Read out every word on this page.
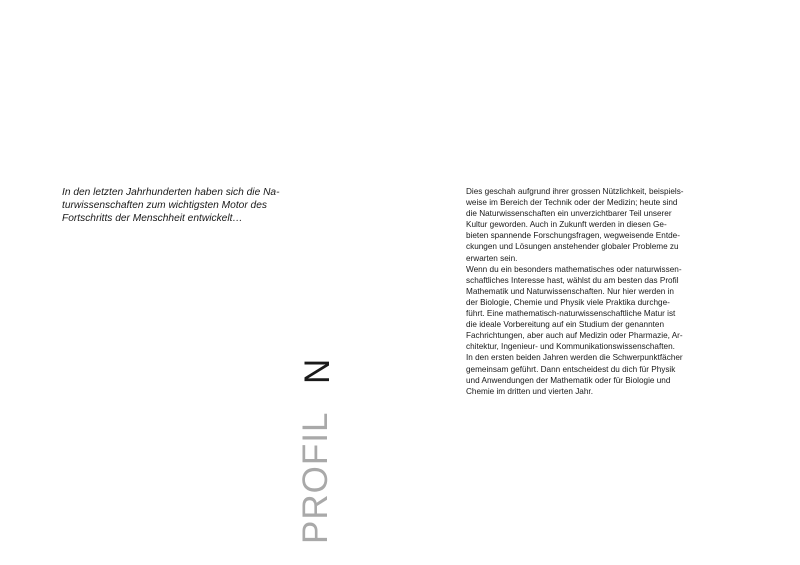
In den letzten Jahrhunderten haben sich die Na-
turwissenschaften zum wichtigsten Motor des
Fortschritts der Menschheit entwickelt…

PROFIL
N
Dies geschah aufgrund ihrer grossen Nützlichkeit, beispiels-
weise im Bereich der Technik oder der Medizin; heute sind
die Naturwissenschaften ein unverzichtbarer Teil unserer
Kultur geworden. Auch in Zukunft werden in diesen Ge-
bieten spannende Forschungsfragen, wegweisende Entde-
ckungen und Lösungen anstehender globaler Probleme zu
erwarten sein.
Wenn du ein besonders mathematisches oder naturwissen-
schaftliches Interesse hast, wählst du am besten das Profil
Mathematik und Naturwissenschaften. Nur hier werden in
der Biologie, Chemie und Physik viele Praktika durchge-
führt. Eine mathematisch-naturwissenschaftliche Matur ist
die ideale Vorbereitung auf ein Studium der genannten
Fachrichtungen, aber auch auf Medizin oder Pharmazie, Ar-
chitektur, Ingenieur- und Kommunikationswissenschaften.
In den ersten beiden Jahren werden die Schwerpunktfächer
gemeinsam geführt. Dann entscheidest du dich für Physik
und Anwendungen der Mathematik oder für Biologie und
Chemie im dritten und vierten Jahr.
